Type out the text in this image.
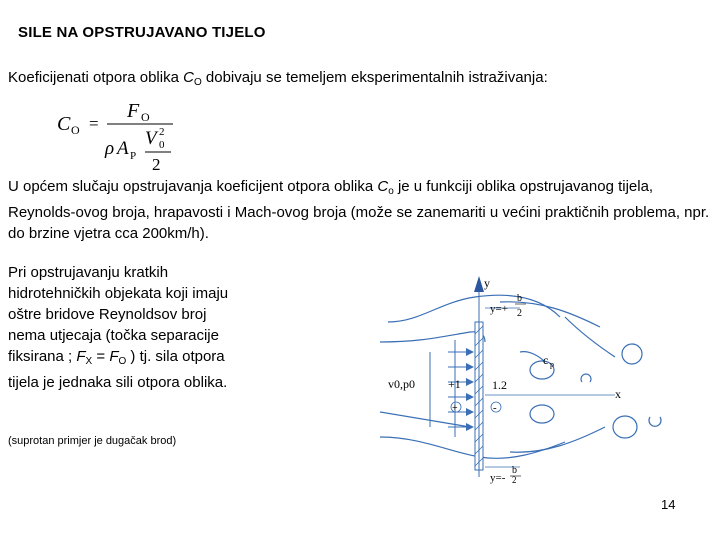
SILE NA OPSTRUJAVANO TIJELO
Koeficijenati otpora oblika $C_O$ dobivaju se temeljem eksperimentalnih istraživanja:
C O =
F O
ρ A P
V 0
2
2
U općem slučaju opstrujavanja koeficijent otpora oblika $C_o$ je u funkciji oblika opstrujavanog tijela, Reynolds-ovog broja, hrapavosti i Mach-ovog broja (može se zanemariti u većini praktičnih problema, npr. do brzine vjetra cca 200km/h).
Pri opstrujavanju kratkih hidrotehničkih objekata koji imaju oštre bridove Reynoldsov broj nema utjecaja (točka separacije fiksirana ; $F_X = F_O$ ) tj. sila otpora tijela je jednaka sili otpora oblika.
(suprotan primjer je dugačak brod)
y
x
y=+
b
2
y=-
b
2
v0,p0	+1	1.2
c p
+	-
14
